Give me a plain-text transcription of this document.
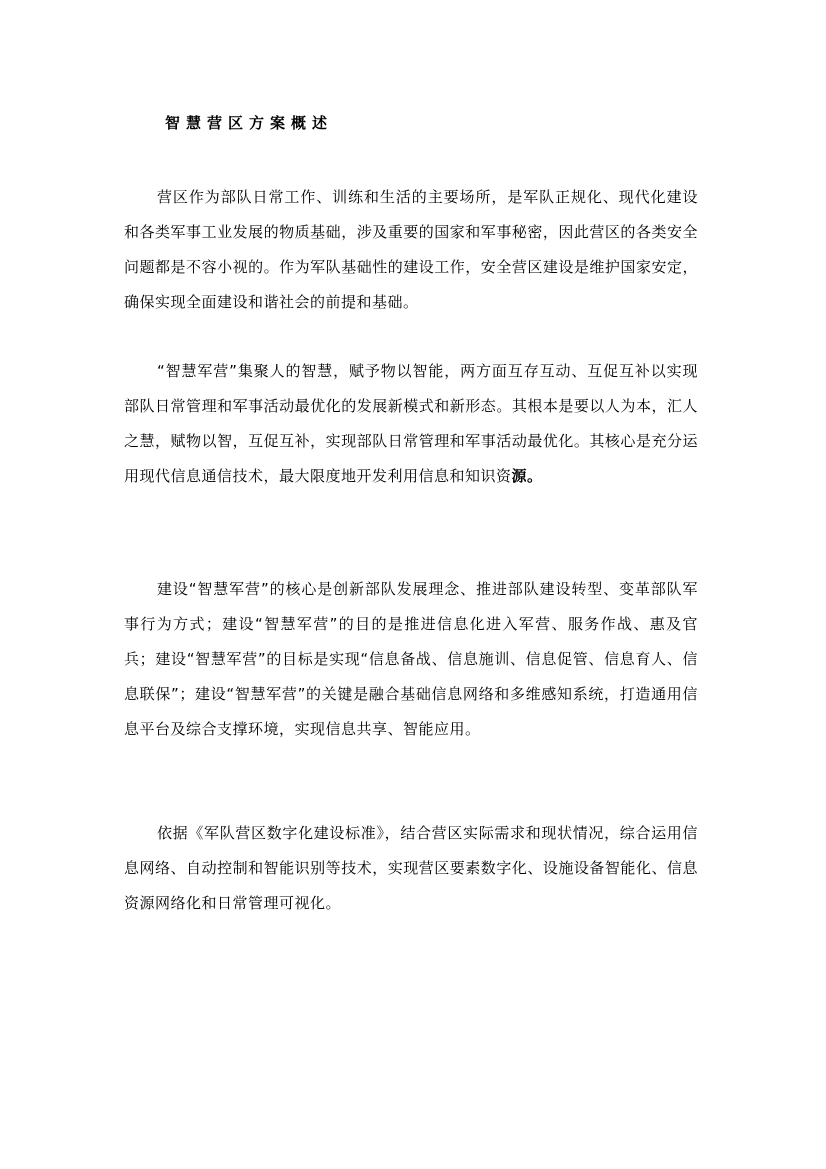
智慧营区方案概述

营区作为部队日常工作、训练和生活的主要场所，是军队正规化、现代化建设和各类军事工业发展的物质基础，涉及重要的国家和军事秘密，因此营区的各类安全问题都是不容小视的。作为军队基础性的建设工作，安全营区建设是维护国家安定，确保实现全面建设和谐社会的前提和基础。

“智慧军营”集聚人的智慧，赋予物以智能，两方面互存互动、互促互补以实现部队日常管理和军事活动最优化的发展新模式和新形态。其根本是要以人为本，汇人之慧，赋物以智，互促互补，实现部队日常管理和军事活动最优化。其核心是充分运用现代信息通信技术，最大限度地开发利用信息和知识资源。

建设“智慧军营”的核心是创新部队发展理念、推进部队建设转型、变革部队军事行为方式；建设“智慧军营”的目的是推进信息化进入军营、服务作战、惠及官兵；建设“智慧军营”的目标是实现“信息备战、信息施训、信息促管、信息育人、信息联保”；建设“智慧军营”的关键是融合基础信息网络和多维感知系统，打造通用信息平台及综合支撑环境，实现信息共享、智能应用。

依据《军队营区数字化建设标准》，结合营区实际需求和现状情况，综合运用信息网络、自动控制和智能识别等技术，实现营区要素数字化、设施设备智能化、信息资源网络化和日常管理可视化。
